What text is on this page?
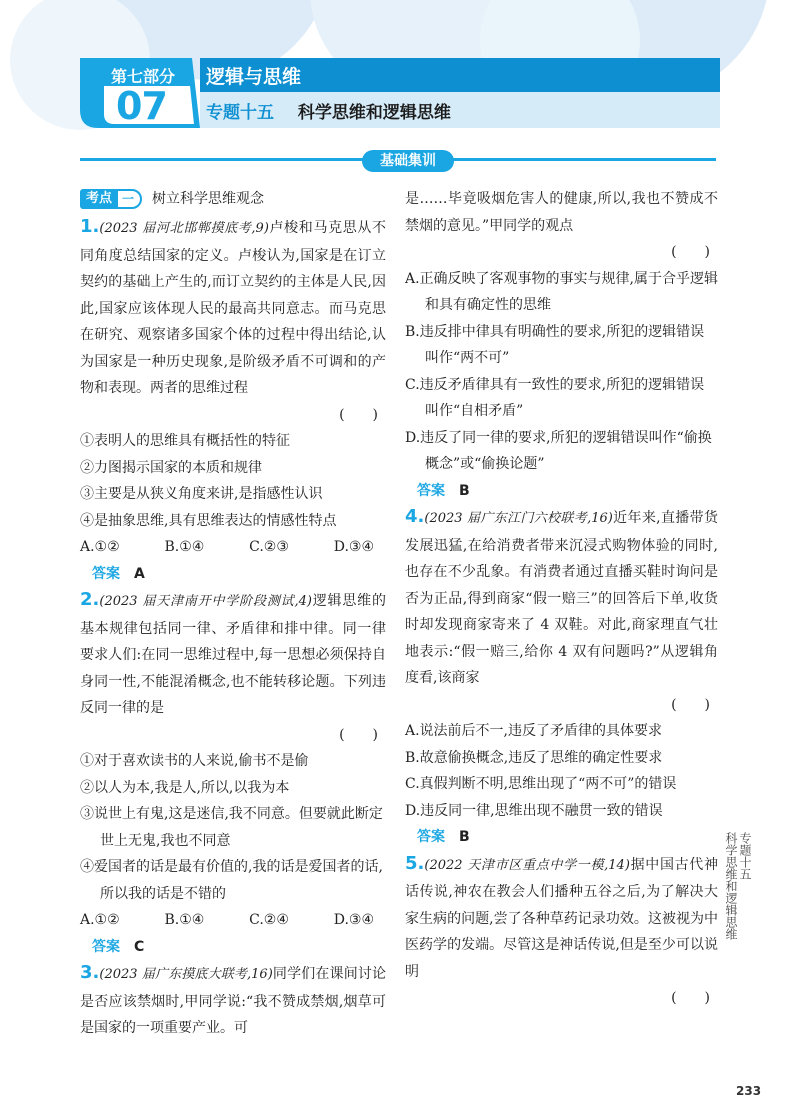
第七部分
07
逻辑与思维
专题十五 科学思维和逻辑思维
基础集训
考点 一	树立科学思维观念
1.(2023 届河北邯郸摸底考,9)卢梭和马克思从不同角度总结国家的定义。卢梭认为,国家是在订立契约的基础上产生的,而订立契约的主体是人民,因此,国家应该体现人民的最高共同意志。而马克思在研究、观察诸多国家个体的过程中得出结论,认为国家是一种历史现象,是阶级矛盾不可调和的产物和表现。两者的思维过程
(　　)
①表明人的思维具有概括性的特征
②力图揭示国家的本质和规律
③主要是从狭义角度来讲,是指感性认识
④是抽象思维,具有思维表达的情感性特点
A.①②	B.①④	C.②③	D.③④
答案 A
2.(2023 届天津南开中学阶段测试,4)逻辑思维的基本规律包括同一律、矛盾律和排中律。同一律要求人们:在同一思维过程中,每一思想必须保持自身同一性,不能混淆概念,也不能转移论题。下列违反同一律的是
(　　)
①对于喜欢读书的人来说,偷书不是偷
②以人为本,我是人,所以,以我为本
③说世上有鬼,这是迷信,我不同意。但要就此断定世上无鬼,我也不同意
④爱国者的话是最有价值的,我的话是爱国者的话,所以我的话是不错的
A.①②	B.①④	C.②④	D.③④
答案 C
3.(2023 届广东摸底大联考,16)同学们在课间讨论是否应该禁烟时,甲同学说:“我不赞成禁烟,烟草可是国家的一项重要产业。可
是……毕竟吸烟危害人的健康,所以,我也不赞成不禁烟的意见。”甲同学的观点
(　　)
A.正确反映了客观事物的事实与规律,属于合乎逻辑和具有确定性的思维
B.违反排中律具有明确性的要求,所犯的逻辑错误叫作“两不可”
C.违反矛盾律具有一致性的要求,所犯的逻辑错误叫作“自相矛盾”
D.违反了同一律的要求,所犯的逻辑错误叫作“偷换概念”或“偷换论题”
答案 B
4.(2023 届广东江门六校联考,16)近年来,直播带货发展迅猛,在给消费者带来沉浸式购物体验的同时,也存在不少乱象。有消费者通过直播买鞋时询问是否为正品,得到商家“假一赔三”的回答后下单,收货时却发现商家寄来了 4 双鞋。对此,商家理直气壮地表示:“假一赔三,给你 4 双有问题吗?”从逻辑角度看,该商家
(　　)
A.说法前后不一,违反了矛盾律的具体要求
B.故意偷换概念,违反了思维的确定性要求
C.真假判断不明,思维出现了“两不可”的错误
D.违反同一律,思维出现不融贯一致的错误
答案 B
5.(2022 天津市区重点中学一模,14)据中国古代神话传说,神农在教会人们播种五谷之后,为了解决大家生病的问题,尝了各种草药记录功效。这被视为中医药学的发端。尽管这是神话传说,但是至少可以说明
(　　)
专题十五
科学思维和逻辑思维
233
